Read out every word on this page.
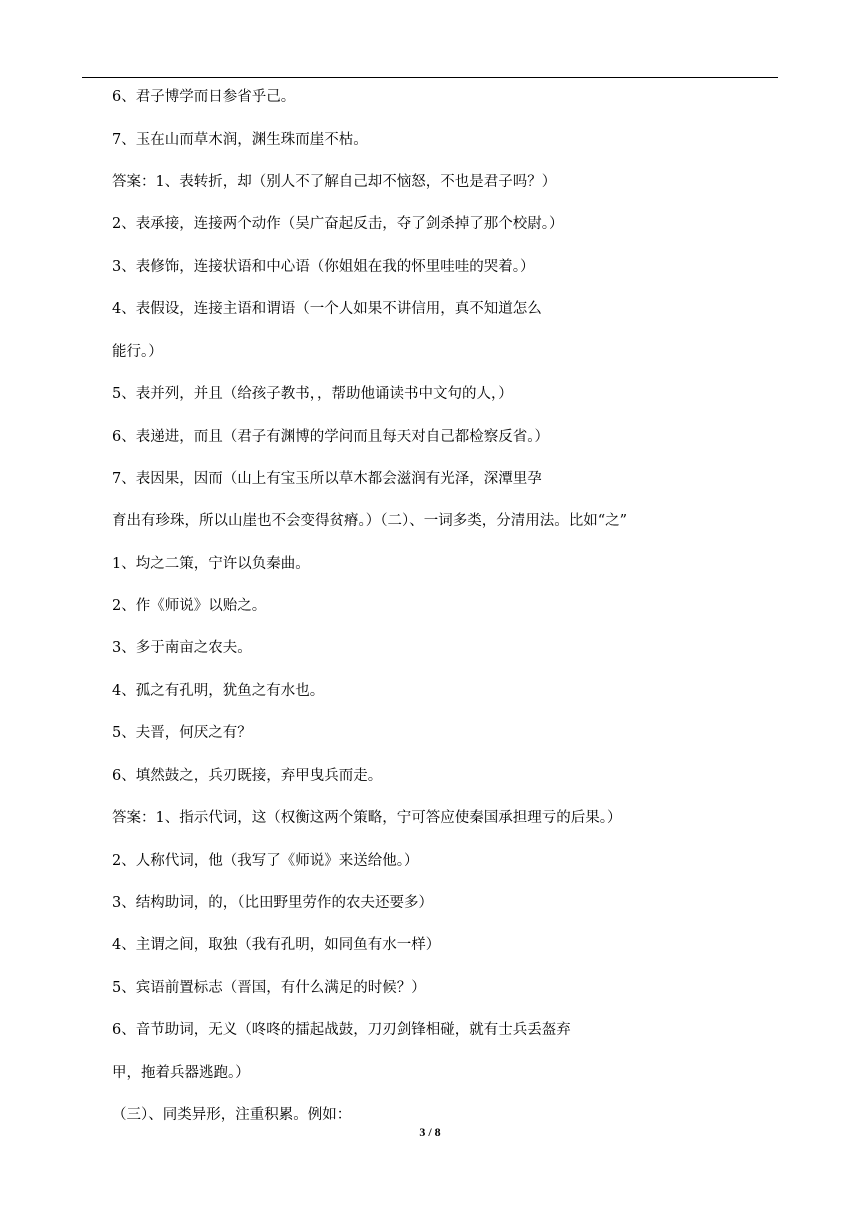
6、君子博学而日参省乎己。
7、玉在山而草木润，渊生珠而崖不枯。
答案：1、表转折，却（别人不了解自己却不恼怒，不也是君子吗？）
2、表承接，连接两个动作（吴广奋起反击，夺了剑杀掉了那个校尉。）
3、表修饰，连接状语和中心语（你姐姐在我的怀里哇哇的哭着。）
4、表假设，连接主语和谓语（一个人如果不讲信用，真不知道怎么
能行。）
5、表并列，并且（给孩子教书，，帮助他诵读书中文句的人，）
6、表递进，而且（君子有渊博的学问而且每天对自己都检察反省。）
7、表因果，因而（山上有宝玉所以草木都会滋润有光泽，深潭里孕
育出有珍珠，所以山崖也不会变得贫瘠。）（二）、一词多类，分清用法。比如“之”
1、均之二策，宁许以负秦曲。
2、作《师说》以贻之。
3、多于南亩之农夫。
4、孤之有孔明，犹鱼之有水也。
5、夫晋，何厌之有？
6、填然鼓之，兵刃既接，弃甲曳兵而走。
答案：1、指示代词，这（权衡这两个策略，宁可答应使秦国承担理亏的后果。）
2、人称代词，他（我写了《师说》来送给他。）
3、结构助词，的，（比田野里劳作的农夫还要多）
4、主谓之间，取独（我有孔明，如同鱼有水一样）
5、宾语前置标志（晋国，有什么满足的时候？）
6、音节助词，无义（咚咚的擂起战鼓，刀刃剑锋相碰，就有士兵丢盔弃
甲，拖着兵器逃跑。）
（三）、同类异形，注重积累。例如：
3 / 8
